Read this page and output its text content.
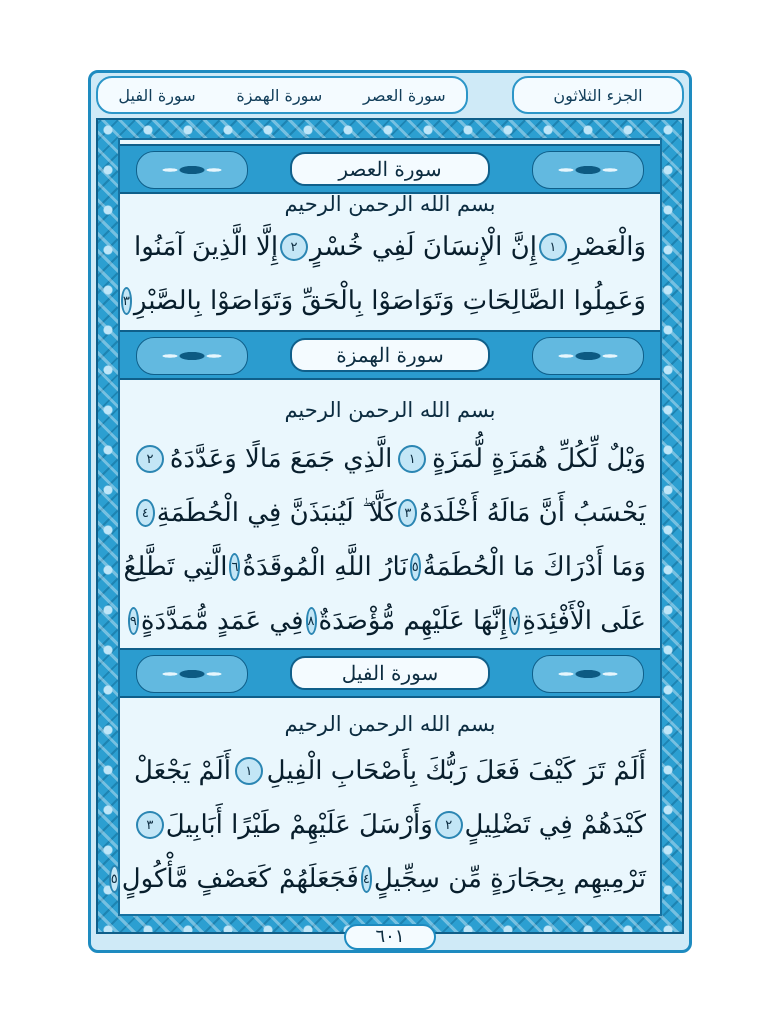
الجزء الثلاثون
سورة العصر
سورة الهمزة
سورة الفيل
سورة العصر
بسم الله الرحمن الرحيم
وَالْعَصْرِ
١
إِنَّ الْإِنسَانَ لَفِي خُسْرٍ
٢
إِلَّا الَّذِينَ آمَنُوا
وَعَمِلُوا الصَّالِحَاتِ وَتَوَاصَوْا بِالْحَقِّ وَتَوَاصَوْا بِالصَّبْرِ
٣
سورة الهمزة
بسم الله الرحمن الرحيم
وَيْلٌ لِّكُلِّ هُمَزَةٍ لُّمَزَةٍ
١
الَّذِي جَمَعَ مَالًا وَعَدَّدَهُ
٢
يَحْسَبُ أَنَّ مَالَهُ أَخْلَدَهُ
٣
كَلَّا ۖ لَيُنبَذَنَّ فِي الْحُطَمَةِ
٤
وَمَا أَدْرَاكَ مَا الْحُطَمَةُ
٥
نَارُ اللَّهِ الْمُوقَدَةُ
٦
الَّتِي تَطَّلِعُ
عَلَى الْأَفْئِدَةِ
٧
إِنَّهَا عَلَيْهِم مُّؤْصَدَةٌ
٨
فِي عَمَدٍ مُّمَدَّدَةٍ
٩
سورة الفيل
بسم الله الرحمن الرحيم
أَلَمْ تَرَ كَيْفَ فَعَلَ رَبُّكَ بِأَصْحَابِ الْفِيلِ
١
أَلَمْ يَجْعَلْ
كَيْدَهُمْ فِي تَضْلِيلٍ
٢
وَأَرْسَلَ عَلَيْهِمْ طَيْرًا أَبَابِيلَ
٣
تَرْمِيهِم بِحِجَارَةٍ مِّن سِجِّيلٍ
٤
فَجَعَلَهُمْ كَعَصْفٍ مَّأْكُولٍ
٥
٦٠١
